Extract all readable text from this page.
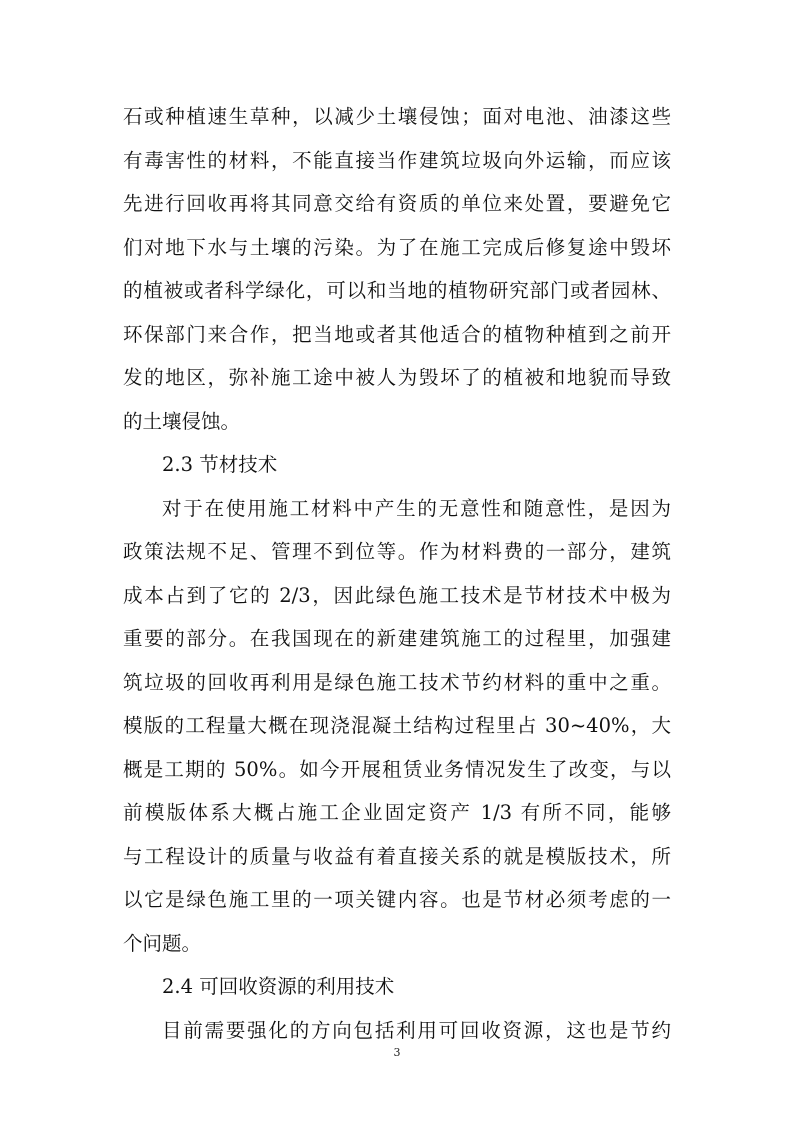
石或种植速生草种，以减少土壤侵蚀；面对电池、油漆这些
有毒害性的材料，不能直接当作建筑垃圾向外运输，而应该
先进行回收再将其同意交给有资质的单位来处置，要避免它
们对地下水与土壤的污染。为了在施工完成后修复途中毁坏
的植被或者科学绿化，可以和当地的植物研究部门或者园林、
环保部门来合作，把当地或者其他适合的植物种植到之前开
发的地区，弥补施工途中被人为毁坏了的植被和地貌而导致
的土壤侵蚀。
2.3 节材技术
对于在使用施工材料中产生的无意性和随意性，是因为
政策法规不足、管理不到位等。作为材料费的一部分，建筑
成本占到了它的 2/3，因此绿色施工技术是节材技术中极为
重要的部分。在我国现在的新建建筑施工的过程里，加强建
筑垃圾的回收再利用是绿色施工技术节约材料的重中之重。
模版的工程量大概在现浇混凝土结构过程里占 30~40%，大
概是工期的 50%。如今开展租赁业务情况发生了改变，与以
前模版体系大概占施工企业固定资产 1/3 有所不同，能够
与工程设计的质量与收益有着直接关系的就是模版技术，所
以它是绿色施工里的一项关键内容。也是节材必须考虑的一
个问题。
2.4 可回收资源的利用技术
目前需要强化的方向包括利用可回收资源，这也是节约
3
